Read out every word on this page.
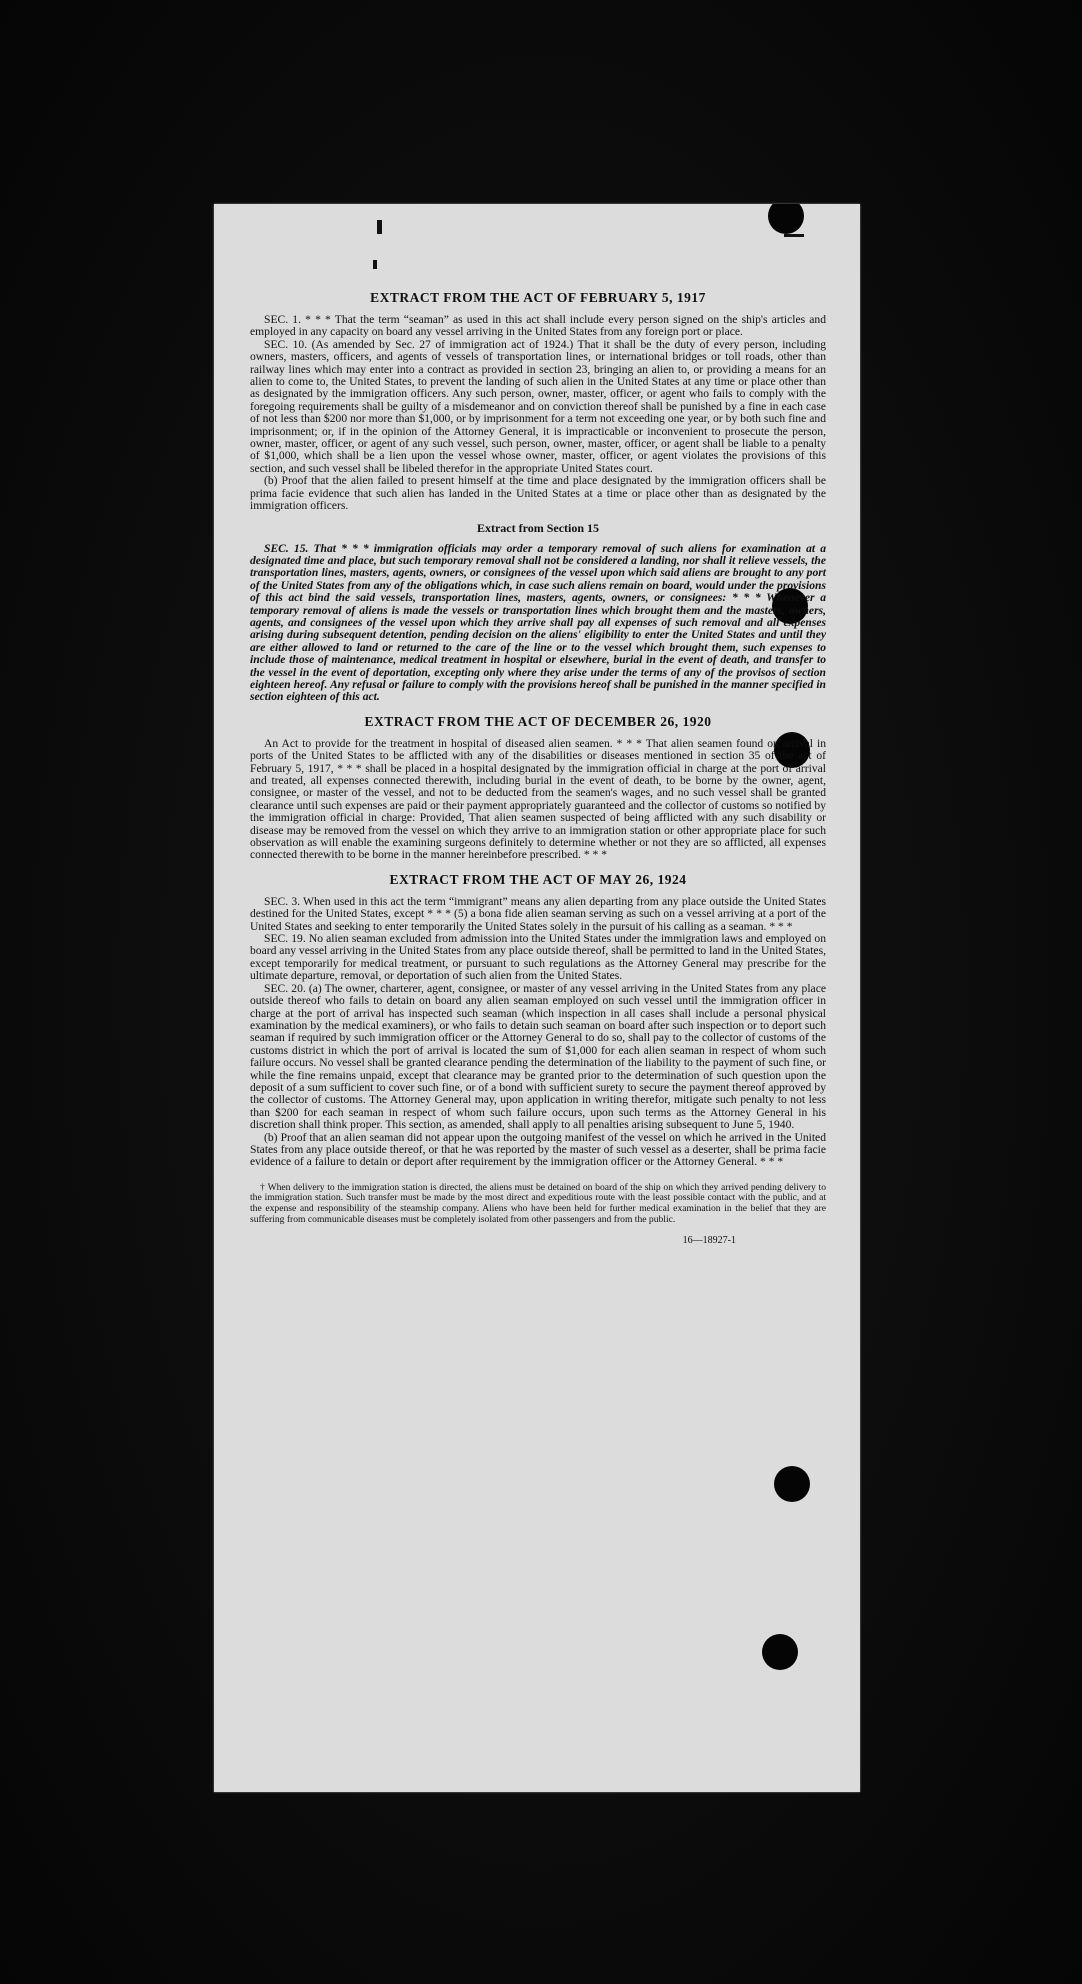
EXTRACT FROM THE ACT OF FEBRUARY 5, 1917

SEC. 1. * * * That the term “seaman” as used in this act shall include every person signed on the ship's articles and employed in any capacity on board any vessel arriving in the United States from any foreign port or place.

SEC. 10. (As amended by Sec. 27 of immigration act of 1924.) That it shall be the duty of every person, including owners, masters, officers, and agents of vessels of transportation lines, or international bridges or toll roads, other than railway lines which may enter into a contract as provided in section 23, bringing an alien to, or providing a means for an alien to come to, the United States, to prevent the landing of such alien in the United States at any time or place other than as designated by the immigration officers. Any such person, owner, master, officer, or agent who fails to comply with the foregoing requirements shall be guilty of a misdemeanor and on conviction thereof shall be punished by a fine in each case of not less than $200 nor more than $1,000, or by imprisonment for a term not exceeding one year, or by both such fine and imprisonment; or, if in the opinion of the Attorney General, it is impracticable or inconvenient to prosecute the person, owner, master, officer, or agent of any such vessel, such person, owner, master, officer, or agent shall be liable to a penalty of $1,000, which shall be a lien upon the vessel whose owner, master, officer, or agent violates the provisions of this section, and such vessel shall be libeled therefor in the appropriate United States court.

(b) Proof that the alien failed to present himself at the time and place designated by the immigration officers shall be prima facie evidence that such alien has landed in the United States at a time or place other than as designated by the immigration officers.

Extract from Section 15

SEC. 15. That * * * immigration officials may order a temporary removal of such aliens for examination at a designated time and place, but such temporary removal shall not be considered a landing, nor shall it relieve vessels, the transportation lines, masters, agents, owners, or consignees of the vessel upon which said aliens are brought to any port of the United States from any of the obligations which, in case such aliens remain on board, would under the provisions of this act bind the said vessels, transportation lines, masters, agents, owners, or consignees: * * * Whenever a temporary removal of aliens is made the vessels or transportation lines which brought them and the masters, owners, agents, and consignees of the vessel upon which they arrive shall pay all expenses of such removal and all expenses arising during subsequent detention, pending decision on the aliens' eligibility to enter the United States and until they are either allowed to land or returned to the care of the line or to the vessel which brought them, such expenses to include those of maintenance, medical treatment in hospital or elsewhere, burial in the event of death, and transfer to the vessel in the event of deportation, excepting only where they arise under the terms of any of the provisos of section eighteen hereof. Any refusal or failure to comply with the provisions hereof shall be punished in the manner specified in section eighteen of this act.

EXTRACT FROM THE ACT OF DECEMBER 26, 1920

An Act to provide for the treatment in hospital of diseased alien seamen. * * * That alien seamen found on arrival in ports of the United States to be afflicted with any of the disabilities or diseases mentioned in section 35 of the act of February 5, 1917, * * * shall be placed in a hospital designated by the immigration official in charge at the port of arrival and treated, all expenses connected therewith, including burial in the event of death, to be borne by the owner, agent, consignee, or master of the vessel, and not to be deducted from the seamen's wages, and no such vessel shall be granted clearance until such expenses are paid or their payment appropriately guaranteed and the collector of customs so notified by the immigration official in charge: Provided, That alien seamen suspected of being afflicted with any such disability or disease may be removed from the vessel on which they arrive to an immigration station or other appropriate place for such observation as will enable the examining surgeons definitely to determine whether or not they are so afflicted, all expenses connected therewith to be borne in the manner hereinbefore prescribed. * * *

EXTRACT FROM THE ACT OF MAY 26, 1924

SEC. 3. When used in this act the term “immigrant” means any alien departing from any place outside the United States destined for the United States, except * * * (5) a bona fide alien seaman serving as such on a vessel arriving at a port of the United States and seeking to enter temporarily the United States solely in the pursuit of his calling as a seaman. * * *

SEC. 19. No alien seaman excluded from admission into the United States under the immigration laws and employed on board any vessel arriving in the United States from any place outside thereof, shall be permitted to land in the United States, except temporarily for medical treatment, or pursuant to such regulations as the Attorney General may prescribe for the ultimate departure, removal, or deportation of such alien from the United States.

SEC. 20. (a) The owner, charterer, agent, consignee, or master of any vessel arriving in the United States from any place outside thereof who fails to detain on board any alien seaman employed on such vessel until the immigration officer in charge at the port of arrival has inspected such seaman (which inspection in all cases shall include a personal physical examination by the medical examiners), or who fails to detain such seaman on board after such inspection or to deport such seaman if required by such immigration officer or the Attorney General to do so, shall pay to the collector of customs of the customs district in which the port of arrival is located the sum of $1,000 for each alien seaman in respect of whom such failure occurs. No vessel shall be granted clearance pending the determination of the liability to the payment of such fine, or while the fine remains unpaid, except that clearance may be granted prior to the determination of such question upon the deposit of a sum sufficient to cover such fine, or of a bond with sufficient surety to secure the payment thereof approved by the collector of customs. The Attorney General may, upon application in writing therefor, mitigate such penalty to not less than $200 for each seaman in respect of whom such failure occurs, upon such terms as the Attorney General in his discretion shall think proper. This section, as amended, shall apply to all penalties arising subsequent to June 5, 1940.

(b) Proof that an alien seaman did not appear upon the outgoing manifest of the vessel on which he arrived in the United States from any place outside thereof, or that he was reported by the master of such vessel as a deserter, shall be prima facie evidence of a failure to detain or deport after requirement by the immigration officer or the Attorney General. * * *

† When delivery to the immigration station is directed, the aliens must be detained on board of the ship on which they arrived pending delivery to the immigration station. Such transfer must be made by the most direct and expeditious route with the least possible contact with the public, and at the expense and responsibility of the steamship company. Aliens who have been held for further medical examination in the belief that they are suffering from communicable diseases must be completely isolated from other passengers and from the public.
16—18927-1
